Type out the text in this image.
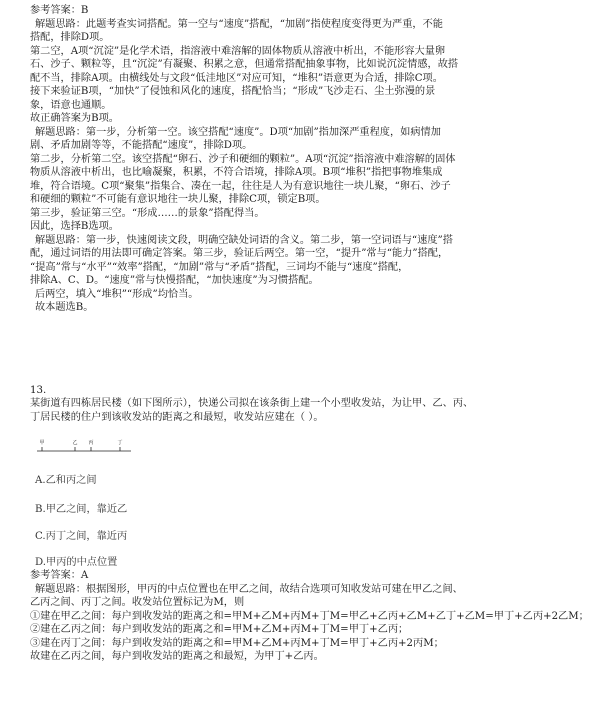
参考答案：B
解题思路：此题考查实词搭配。第一空与“速度”搭配，“加剧”指使程度变得更为严重，不能
搭配，排除D项。
第二空，A项“沉淀”是化学术语，指溶液中难溶解的固体物质从溶液中析出，不能形容大量卵
石、沙子、颗粒等，且“沉淀”有凝聚、积累之意，但通常搭配抽象事物，比如说沉淀情感，故搭
配不当，排除A项。由横线处与文段“低洼地区”对应可知，“堆积”语意更为合适，排除C项。
接下来验证B项，“加快”了侵蚀和风化的速度，搭配恰当；“形成”飞沙走石、尘土弥漫的景
象，语意也通顺。
故正确答案为B项。
解题思路：第一步，分析第一空。该空搭配“速度”。D项“加剧”指加深严重程度，如病情加
剧、矛盾加剧等等，不能搭配“速度”，排除D项。
第二步，分析第二空。该空搭配“卵石、沙子和硬细的颗粒”。A项“沉淀”指溶液中难溶解的固体
物质从溶液中析出，也比喻凝聚，积累，不符合语境，排除A项。B项“堆积”指把事物堆集成
堆，符合语境。C项“聚集”指集合、凑在一起，往往是人为有意识地往一块儿聚，“卵石、沙子
和硬细的颗粒”不可能有意识地往一块儿聚，排除C项，锁定B项。
第三步，验证第三空。“形成……的景象”搭配得当。
因此，选择B选项。
解题思路：第一步，快速阅读文段，明确空缺处词语的含义。第二步，第一空词语与“速度”搭
配，通过词语的用法即可确定答案。第三步，验证后两空。第一空，“提升”常与“能力”搭配，
“提高”常与“水平”“效率”搭配，“加剧”常与“矛盾”搭配，三词均不能与“速度”搭配，
排除A、C、D。“速度”常与快慢搭配，“加快速度”为习惯搭配。
后两空，填入“堆积”“形成”均恰当。
故本题选B。
13.
某街道有四栋居民楼（如下图所示），快递公司拟在该条街上建一个小型收发站，为让甲、乙、丙、
丁居民楼的住户到该收发站的距离之和最短，收发站应建在（ ）。
甲	乙 丙	丁
A.乙和丙之间
B.甲乙之间，靠近乙
C.丙丁之间，靠近丙
D.甲丙的中点位置
参考答案：A
解题思路：根据图形，甲丙的中点位置也在甲乙之间，故结合选项可知收发站可建在甲乙之间、
乙丙之间、丙丁之间。收发站位置标记为M，则
①建在甲乙之间：每户到收发站的距离之和=甲M+乙M+丙M+丁M=甲乙+乙丙+乙M+乙丁+乙M=甲丁+乙丙+2乙M；
②建在乙丙之间：每户到收发站的距离之和=甲M+乙M+丙M+丁M=甲丁+乙丙；
③建在丙丁之间：每户到收发站的距离之和=甲M+乙M+丙M+丁M=甲丁+乙丙+2丙M；
故建在乙丙之间，每户到收发站的距离之和最短，为甲丁+乙丙。
